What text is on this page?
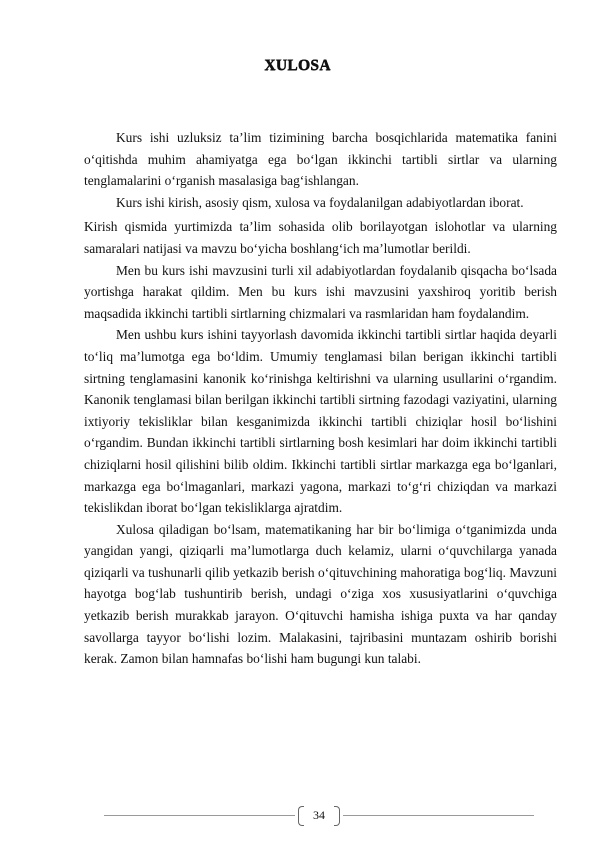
XULOSA

Kurs ishi uzluksiz ta’lim tizimining barcha bosqichlarida matematika fanini o‘qitishda muhim ahamiyatga ega bo‘lgan ikkinchi tartibli sirtlar va ularning tenglamalarini o‘rganish masalasiga bag‘ishlangan.

Kurs ishi kirish, asosiy qism, xulosa va foydalanilgan adabiyotlardan iborat.

Kirish qismida yurtimizda ta’lim sohasida olib borilayotgan islohotlar va ularning samaralari natijasi va mavzu bo‘yicha boshlang‘ich ma’lumotlar berildi.

Men bu kurs ishi mavzusini turli xil adabiyotlardan foydalanib qisqacha bo‘lsada yortishga harakat qildim. Men bu kurs ishi mavzusini yaxshiroq yoritib berish maqsadida ikkinchi tartibli sirtlarning chizmalari va rasmlaridan ham foydalandim.

Men ushbu kurs ishini tayyorlash davomida ikkinchi tartibli sirtlar haqida deyarli to‘liq ma’lumotga ega bo‘ldim. Umumiy tenglamasi bilan berigan ikkinchi tartibli sirtning tenglamasini kanonik ko‘rinishga keltirishni va ularning usullarini o‘rgandim. Kanonik tenglamasi bilan berilgan ikkinchi tartibli sirtning fazodagi vaziyatini, ularning ixtiyoriy tekisliklar bilan kesganimizda ikkinchi tartibli chiziqlar hosil bo‘lishini o‘rgandim. Bundan ikkinchi tartibli sirtlarning bosh kesimlari har doim ikkinchi tartibli chiziqlarni hosil qilishini bilib oldim. Ikkinchi tartibli sirtlar markazga ega bo‘lganlari, markazga ega bo‘lmaganlari, markazi yagona, markazi to‘g‘ri chiziqdan va markazi tekislikdan iborat bo‘lgan tekisliklarga ajratdim.

Xulosa qiladigan bo‘lsam, matematikaning har bir bo‘limiga o‘tganimizda unda yangidan yangi, qiziqarli ma’lumotlarga duch kelamiz, ularni o‘quvchilarga yanada qiziqarli va tushunarli qilib yetkazib berish o‘qituvchining mahoratiga bog‘liq. Mavzuni hayotga bog‘lab tushuntirib berish, undagi o‘ziga xos xususiyatlarini o‘quvchiga yetkazib berish murakkab jarayon. O‘qituvchi hamisha ishiga puxta va har qanday savollarga tayyor bo‘lishi lozim. Malakasini, tajribasini muntazam oshirib borishi kerak. Zamon bilan hamnafas bo‘lishi ham bugungi kun talabi.

34
